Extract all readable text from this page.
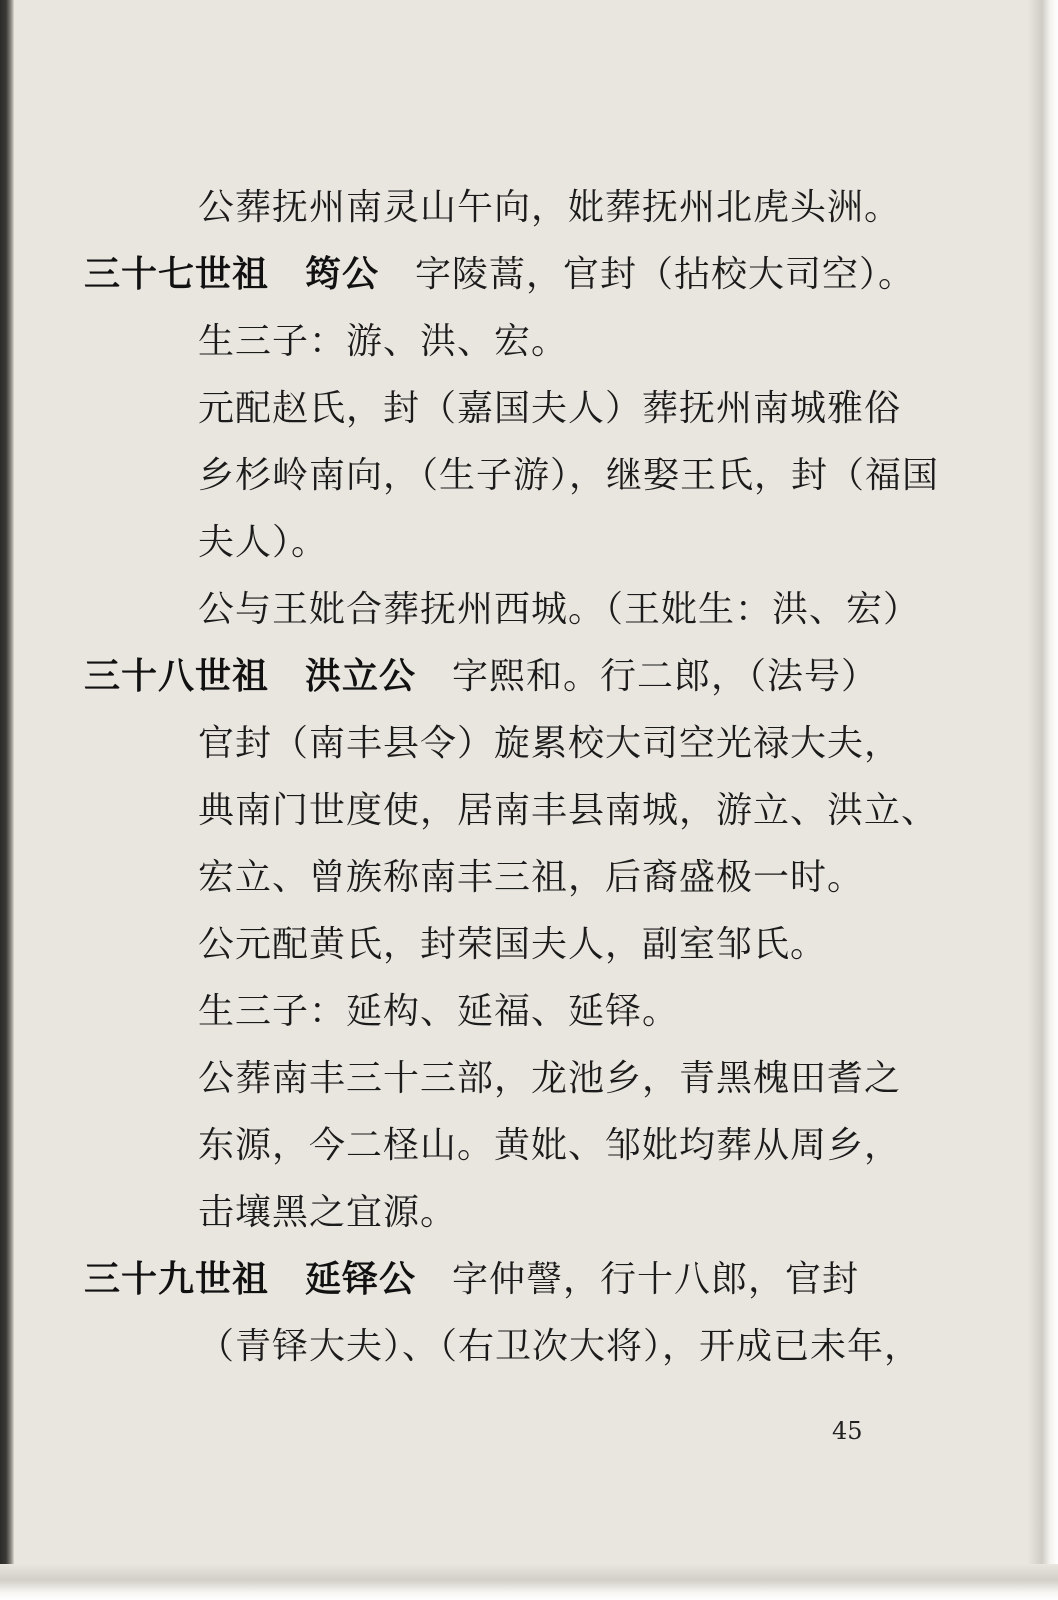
公葬抚州南灵山午向，妣葬抚州北虎头洲。
三十七世祖 筠公 字陵蒿，官封（拈校大司空）。
生三子：游、洪、宏。
元配赵氏，封（嘉国夫人）葬抚州南城雅俗
乡杉岭南向，（生子游），继娶王氏，封（福国
夫人）。
公与王妣合葬抚州西城。（王妣生：洪、宏）
三十八世祖 洪立公 字熙和。行二郎，（法号）
官封（南丰县令）旋累校大司空光禄大夫，
典南门世度使，居南丰县南城，游立、洪立、
宏立、曾族称南丰三祖，后裔盛极一时。
公元配黄氏，封荣国夫人，副室邹氏。
生三子：延构、延福、延铎。
公葬南丰三十三部，龙池乡，青黑槐田耆之
东源，今二柽山。黄妣、邹妣均葬从周乡，
击壤黑之宜源。
三十九世祖 延铎公 字仲謦，行十八郎，官封
（青铎大夫）、（右卫次大将），开成已未年，
45
